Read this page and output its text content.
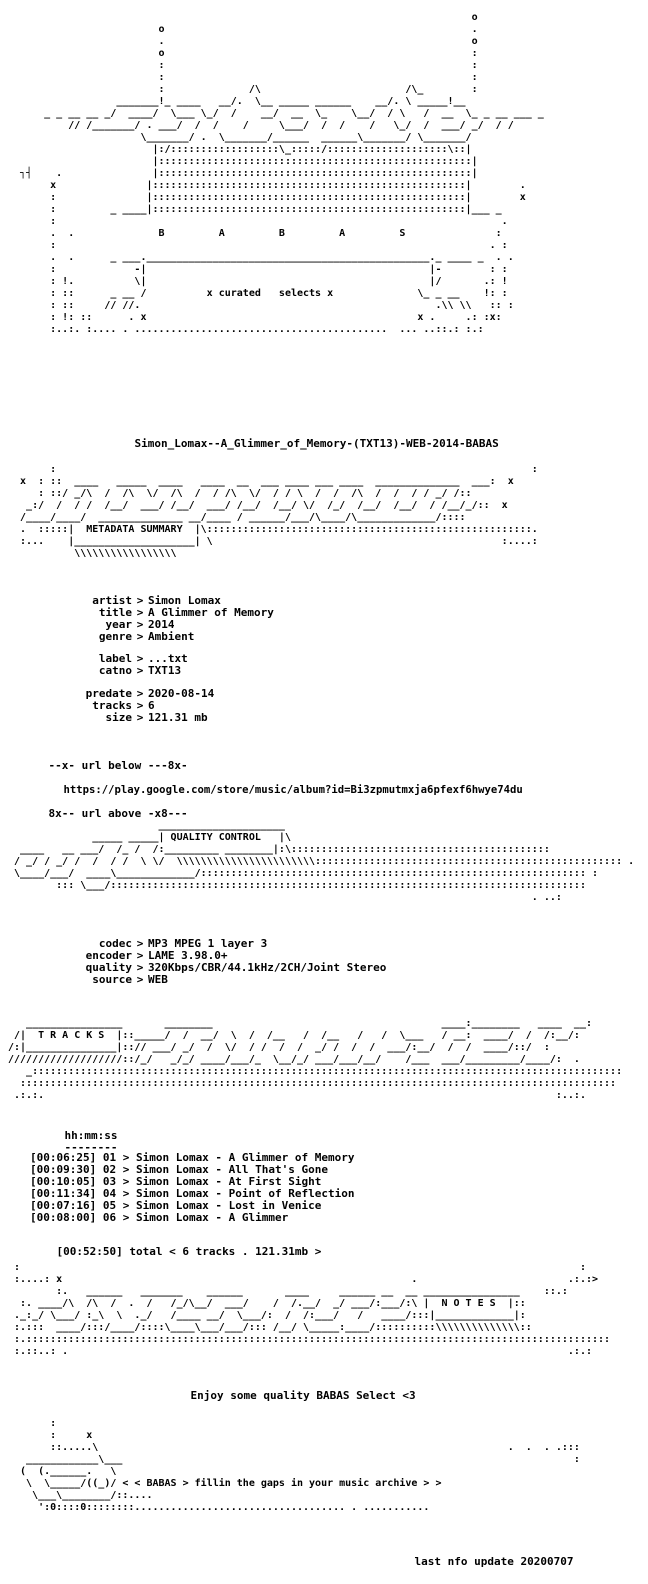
o
o                                                   .
.                                                   o
o                                                   :
:                                                   :
:                                                   :
:              /\                        /\_        :
_______!_ ____   __/.  \__ _____ ______    __/. \ _____!__
_ _ __ __ _/  ____/  \___ \_/  /    __/  __  \_    \__/  / \   /  __  \_ _ __ ___ _
// /_______/ . ___/  /  /    /     \___/  /  /    /   \_/  /  ___/ _/  / /
\_______/ .  \_______/______  ______\_______/ \_______/
|:/::::::::::::::::::\_:::::/::::::::::::::::::::\::|
|::::::::::::::::::::::::::::::::::::::::::::::::::::|
┐┤    .               |::::::::::::::::::::::::::::::::::::::::::::::::::::|
x               |::::::::::::::::::::::::::::::::::::::::::::::::::::|        .
:               |::::::::::::::::::::::::::::::::::::::::::::::::::::|        x
:         _ ____|::::::::::::::::::::::::::::::::::::::::::::::::::::|___ _
:                                                                          .
.  .              B         A         B         A         S               :
:                                                                        . :
.  .      _ ___._______________________________________________._ ____ _  . .
:             -|                                               |-        : :
: !.          \|                                               |/       .: !
: ::      _ __ /          x curated   selects x              \_ _ __    !: :
: ::     // //.                                                 .\\ \\   :: :
: !: ::      . x                                             x .     .: :x:
:..:. :.... . ..........................................  ... ..::.: :.:

Simon_Lomax--A_Glimmer_of_Memory-(TXT13)-WEB-2014-BABAS

:                                                                               :
x  : ::  ____   _____  ____   ____  __  ___ ____ ___ ____  ______________  ___:  x
: ::/ _/\  /  /\  \/  /\  /  / /\  \/  / / \  /  /  /\  /  /  / / _/ /::
_:/  /  / /  /__/  ___/ /__/  ___/ /__/  /__/ \/  /_/  /__/  /__/  / /__/_/::  x
/____/____/  ______________ __/____ / ______/___/\____/\_____________/::::
.  :::::|  METADATA SUMMARY  |\::::::::::::::::::::::::::::::::::::::::::::::::::::::.
:...    |____________________| \                                                :....:
\\\\\\\\\\\\\\\\\
artist > Simon Lomax
title > A Glimmer of Memory
year > 2014
genre > Ambient
label > ...txt
catno > TXT13
predate > 2020-08-14
tracks > 6
size > 121.31 mb

--x- url below ---8x-

https://play.google.com/store/music/album?id=Bi3zpmutmxja6pfexf6hwye74du

8x-- url above -x8---

_____________________
_____ _____| QUALITY CONTROL   |\
____   __ ___/  /_ /  /:_________ ________|:\:::::::::::::::::::::::::::::::::::::::::::
/ _/ / _/ /  /  / /  \ \/  \\\\\\\\\\\\\\\\\\\\\\\::::::::::::::::::::::::::::::::::::::::::::::::::: .
\____/___/  ____\_____________/:::::::::::::::::::::::::::::::::::::::::::::::::::::::::::::::: :
::: \___/:::::::::::::::::::::::::::::::::::::::::::::::::::::::::::::::::::::::::::::::
. ..:
codec > MP3 MPEG 1 layer 3
encoder > LAME 3.98.0+
quality > 320Kbps/CBR/44.1kHz/2CH/Joint Stereo
source > WEB
________________       ________                                      ____:________   ____  __:
/|  T R A C K S  |::_____/  /  __/  \  /  /__   /  /__   /   /  \___   / __:  ____/  /  /:__/:
/:|_______________|::// ___/ _/  /  \/  / /  /  /  _/ /  /  /  ___/:__/  /  /  ____/::/  :
///////////////////::/_/   _/_/ ____/___/_  \__/_/ ___/___/__/    /___  ___/_________/____/:  .
_::::::::::::::::::::::::::::::::::::::::::::::::::::::::::::::::::::::::::::::::::::::::::::::::::
:::::::::::::::::::::::::::::::::::::::::::::::::::::::::::::::::::::::::::::::::::::::::::::::::::
.:.:.                                                                                     :..:.

hh:mm:ss

--------

[00:06:25] 01 > Simon Lomax - A Glimmer of Memory
[00:09:30] 02 > Simon Lomax - All That's Gone
[00:10:05] 03 > Simon Lomax - At First Sight
[00:11:34] 04 > Simon Lomax - Point of Reflection
[00:07:16] 05 > Simon Lomax - Lost in Venice
[00:08:00] 06 > Simon Lomax - A Glimmer

[00:52:50] total < 6 tracks . 121.31mb >

:                                                                                             :
:....: x                                                          .                         .:.:>
:.   ______   _______    ______       ____     ______ __  __ ________________    ::.:
:. ____/\  /\  /  .  /   /_/\__/  ___/    /  /.__/  _/ ___/:___/:\ |  N O T E S  |::
._:_/ \___/ :_\  \  ._/   /____ __/  \___/:  /  /:___/   /   ____/:::|_____________|:
:.:::  ____/:::/____/::::\____\___/___/::: /__/ \_____:____/::::::::::\\\\\\\\\\\\\\::
:.:::::::::::::::::::::::::::::::::::::::::::::::::::::::::::::::::::::::::::::::::::::::::::::::::
:.::..: .                                                                                   .:.:

Enjoy some quality BABAS Select <3

:
:     x
::.....\                                                                    .  .  . .:::
____________\___                                                                           :
(  (.______.   \
\  \_____/((_)/ < < BABAS > fillin the gaps in your music archive > >
\___\________/::....
':0::::0::::::::................................... . ...........

last nfo update 20200707
